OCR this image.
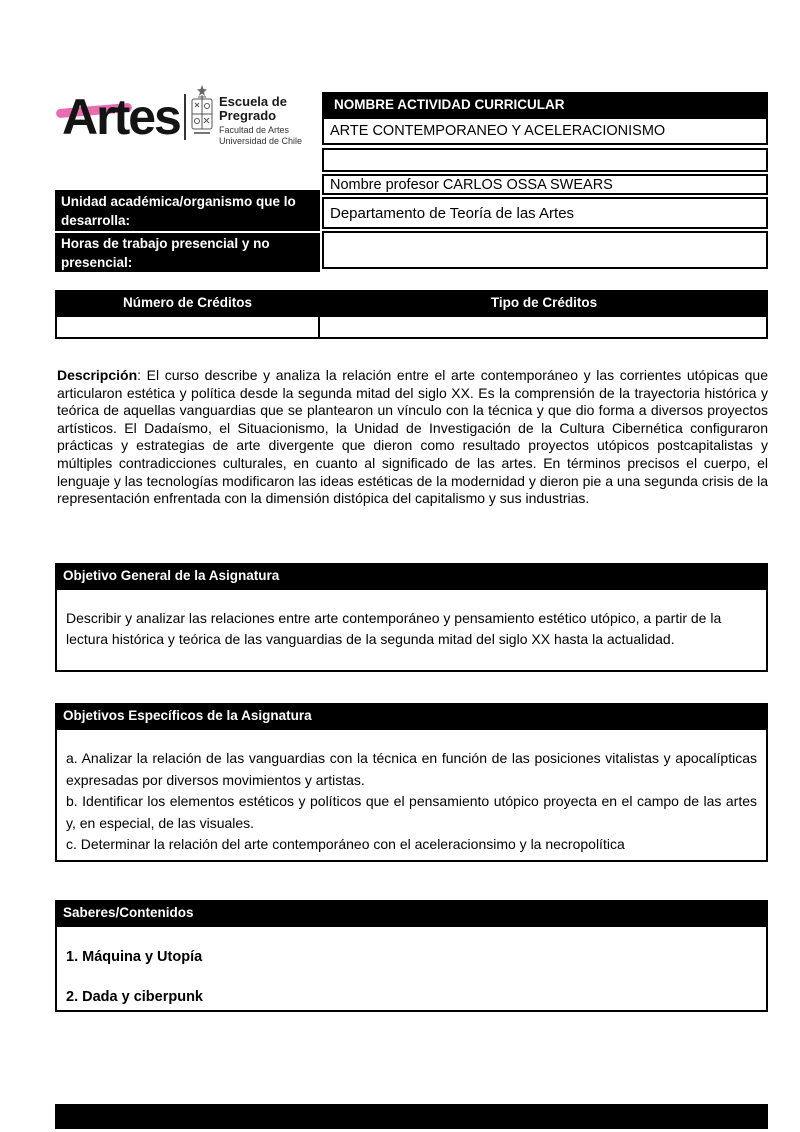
Artes	Escuela de Pregrado
Facultad de Artes
Universidad de Chile
NOMBRE ACTIVIDAD CURRICULAR
ARTE CONTEMPORANEO Y ACELERACIONISMO
Nombre profesor CARLOS OSSA SWEARS
Unidad académica/organismo que lo desarrolla:	Departamento de Teoría de las Artes
Horas de trabajo presencial y no presencial:
Número de Créditos	Tipo de Créditos
Descripción: El curso describe y analiza la relación entre el arte contemporáneo y las corrientes utópicas que articularon estética y política desde la segunda mitad del siglo XX. Es la comprensión de la trayectoria histórica y teórica de aquellas vanguardias que se plantearon un vínculo con la técnica y que dio forma a diversos proyectos artísticos. El Dadaísmo, el Situacionismo, la Unidad de Investigación de la Cultura Cibernética configuraron prácticas y estrategias de arte divergente que dieron como resultado proyectos utópicos postcapitalistas y múltiples contradicciones culturales, en cuanto al significado de las artes. En términos precisos el cuerpo, el lenguaje y las tecnologías modificaron las ideas estéticas de la modernidad y dieron pie a una segunda crisis de la representación enfrentada con la dimensión distópica del capitalismo y sus industrias.
Objetivo General de la Asignatura
Describir y analizar las relaciones entre arte contemporáneo y pensamiento estético utópico, a partir de la lectura histórica y teórica de las vanguardias de la segunda mitad del siglo XX hasta la actualidad.
Objetivos Específicos de la Asignatura
a. Analizar la relación de las vanguardias con la técnica en función de las posiciones vitalistas y apocalípticas expresadas por diversos movimientos y artistas.
b. Identificar los elementos estéticos y políticos que el pensamiento utópico proyecta en el campo de las artes y, en especial, de las visuales.
c. Determinar la relación del arte contemporáneo con el aceleracionsimo y la necropolítica
Saberes/Contenidos
1. Máquina y Utopía
2. Dada y ciberpunk
